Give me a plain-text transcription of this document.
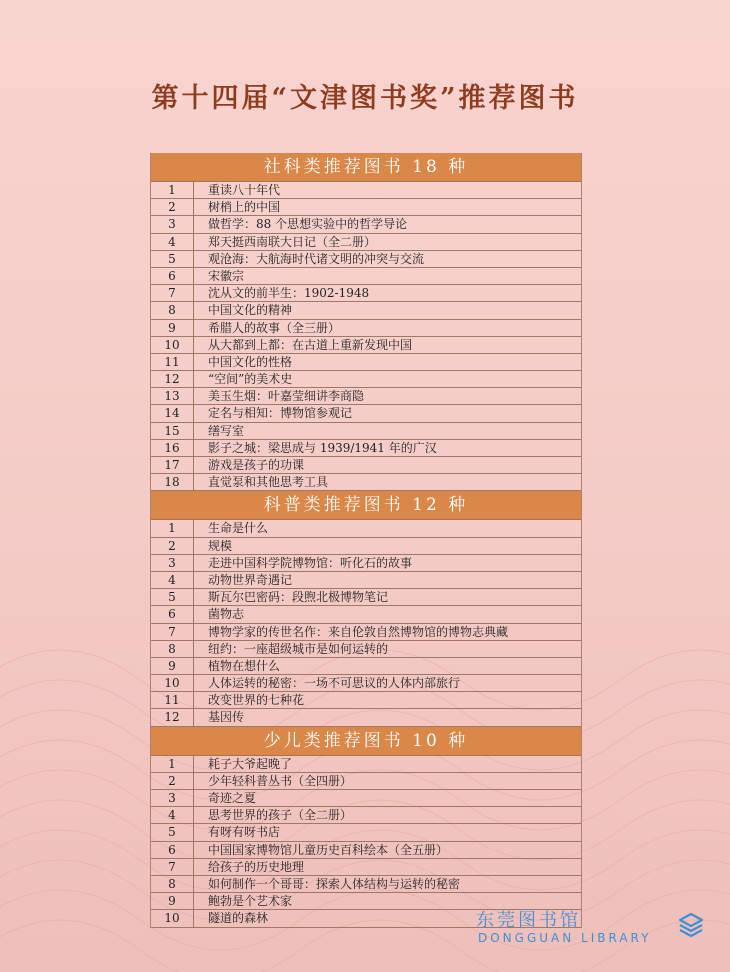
第十四届“文津图书奖”推荐图书
社科类推荐图书 18 种
1	重读八十年代
2	树梢上的中国
3	做哲学：88 个思想实验中的哲学导论
4	郑天挺西南联大日记（全二册）
5	观沧海：大航海时代诸文明的冲突与交流
6	宋徽宗
7	沈从文的前半生：1902-1948
8	中国文化的精神
9	希腊人的故事（全三册）
10	从大都到上都：在古道上重新发现中国
11	中国文化的性格
12	“空间”的美术史
13	美玉生烟：叶嘉莹细讲李商隐
14	定名与相知：博物馆参观记
15	缮写室
16	影子之城：梁思成与 1939/1941 年的广汉
17	游戏是孩子的功课
18	直觉泵和其他思考工具
科普类推荐图书 12 种
1	生命是什么
2	规模
3	走进中国科学院博物馆：听化石的故事
4	动物世界奇遇记
5	斯瓦尔巴密码：段煦北极博物笔记
6	菌物志
7	博物学家的传世名作：来自伦敦自然博物馆的博物志典藏
8	纽约：一座超级城市是如何运转的
9	植物在想什么
10	人体运转的秘密：一场不可思议的人体内部旅行
11	改变世界的七种花
12	基因传
少儿类推荐图书 10 种
1	耗子大爷起晚了
2	少年轻科普丛书（全四册）
3	奇迹之夏
4	思考世界的孩子（全二册）
5	有呀有呀书店
6	中国国家博物馆儿童历史百科绘本（全五册）
7	给孩子的历史地理
8	如何制作一个哥哥：探索人体结构与运转的秘密
9	鲍勃是个艺术家
10	隧道的森林	东莞图书馆
DONGGUAN LIBRARY
